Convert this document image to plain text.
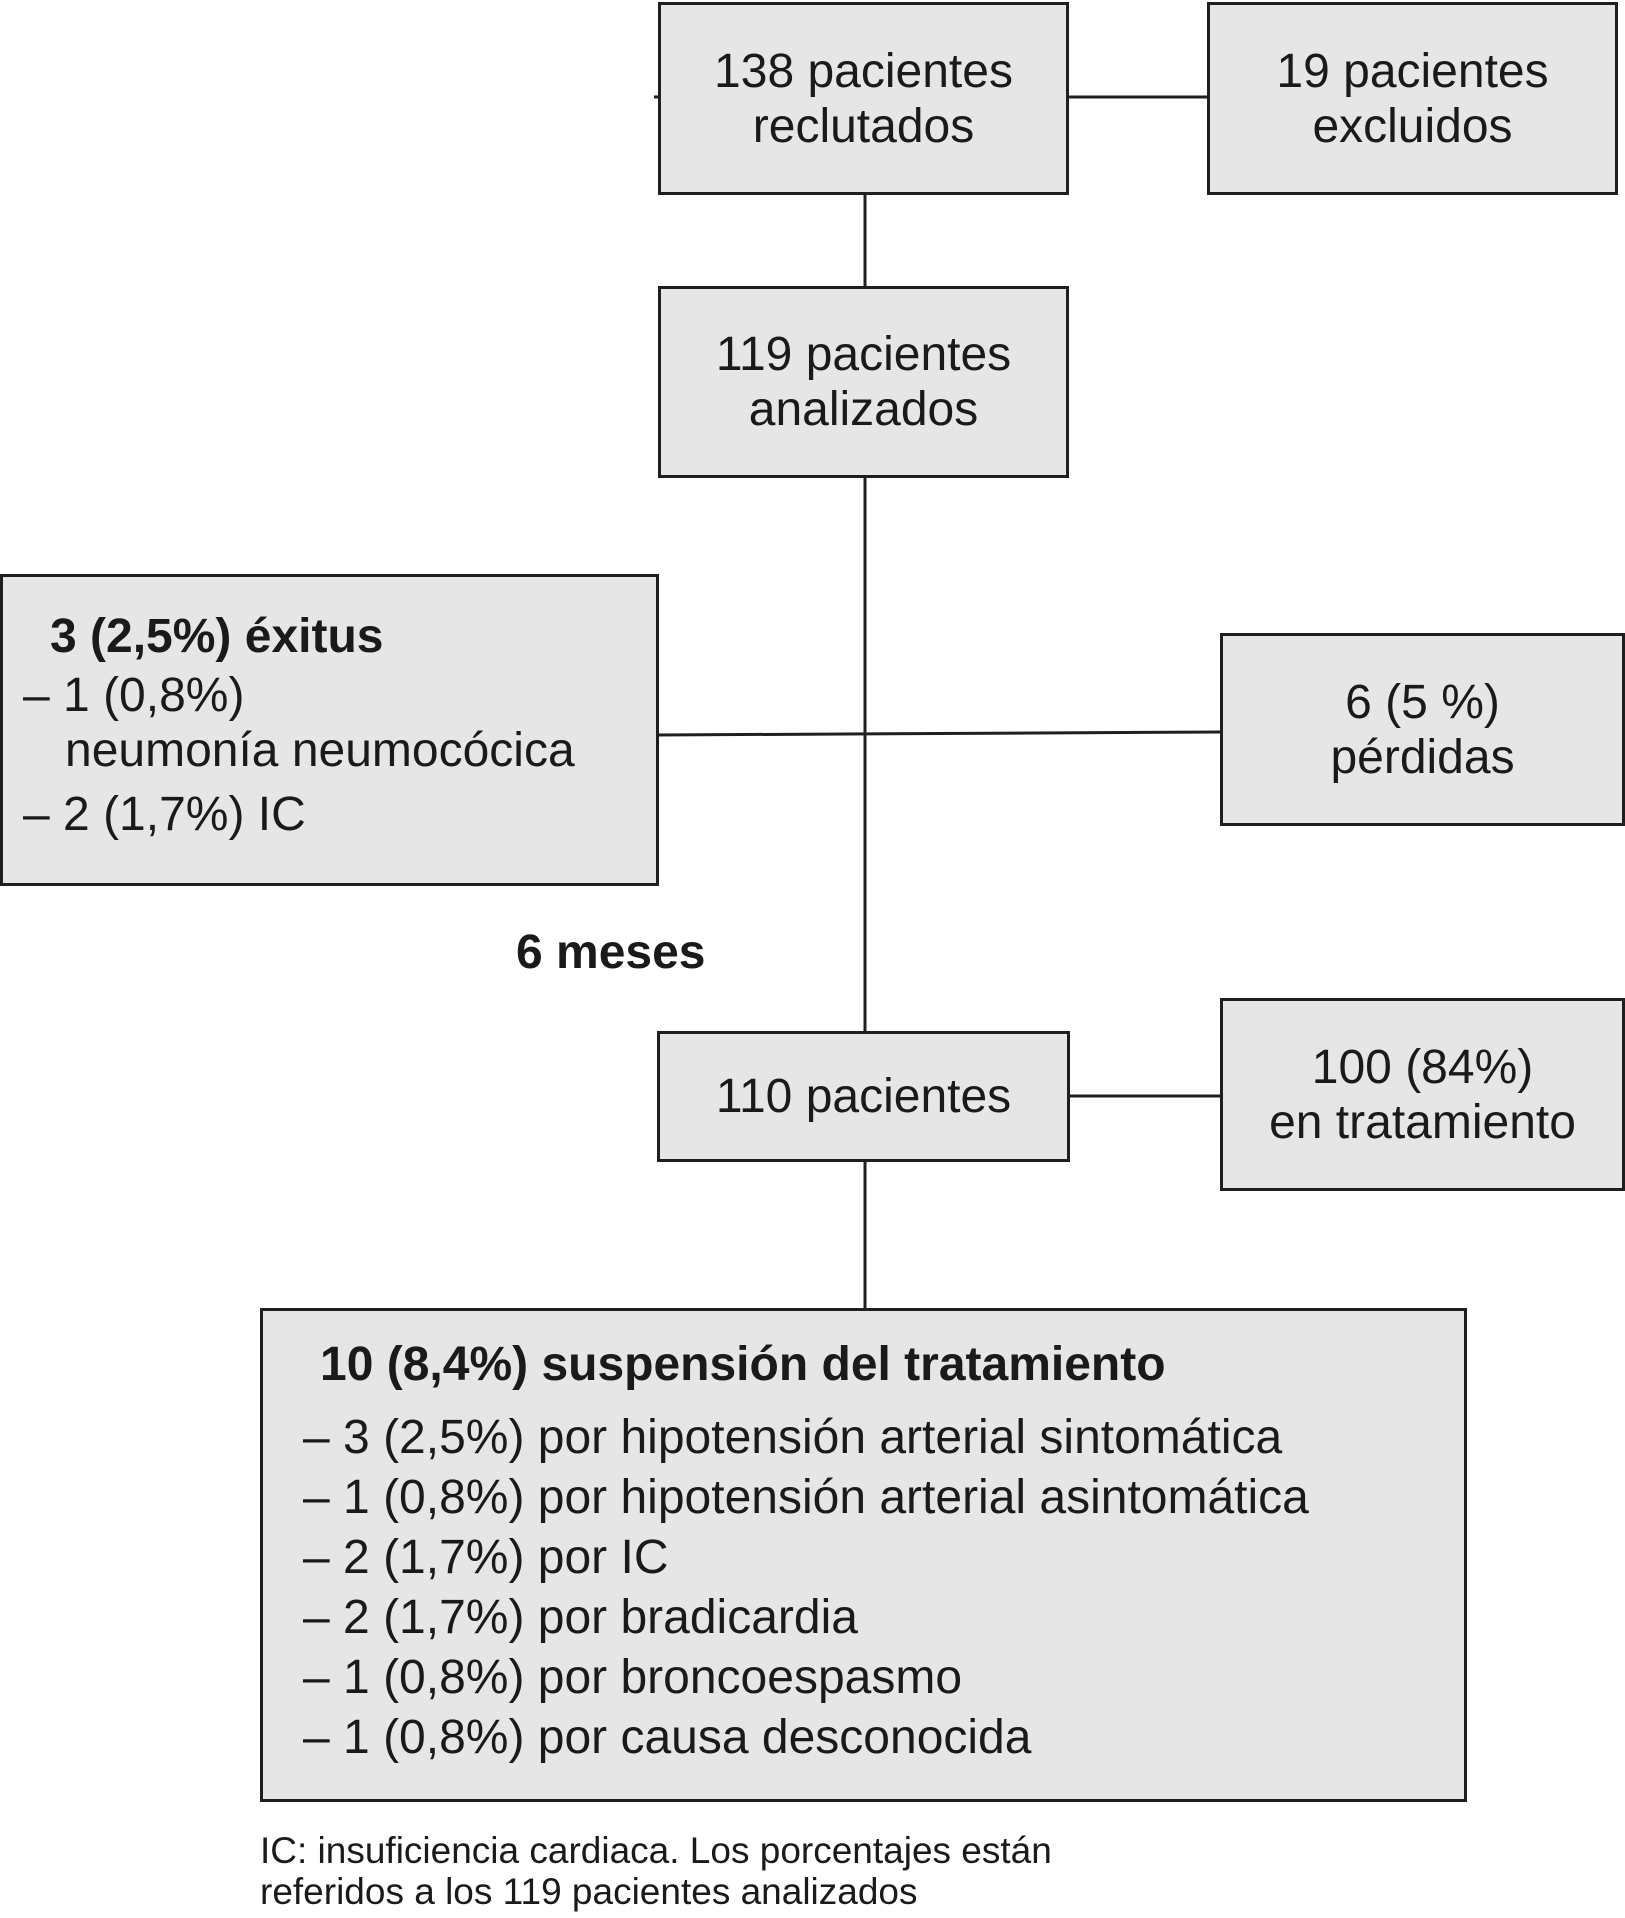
138 pacientes
reclutados
19 pacientes
excluidos
119 pacientes
analizados
3 (2,5%) éxitus
– 1 (0,8%)
neumonía neumocócica
– 2 (1,7%) IC
6 (5 %)
pérdidas
6 meses
110 pacientes
100 (84%)
en tratamiento
10 (8,4%) suspensión del tratamiento
– 3 (2,5%) por hipotensión arterial sintomática
– 1 (0,8%) por hipotensión arterial asintomática
– 2 (1,7%) por IC
– 2 (1,7%) por bradicardia
– 1 (0,8%) por broncoespasmo
– 1 (0,8%) por causa desconocida
IC: insuficiencia cardiaca. Los porcentajes están
referidos a los 119 pacientes analizados
